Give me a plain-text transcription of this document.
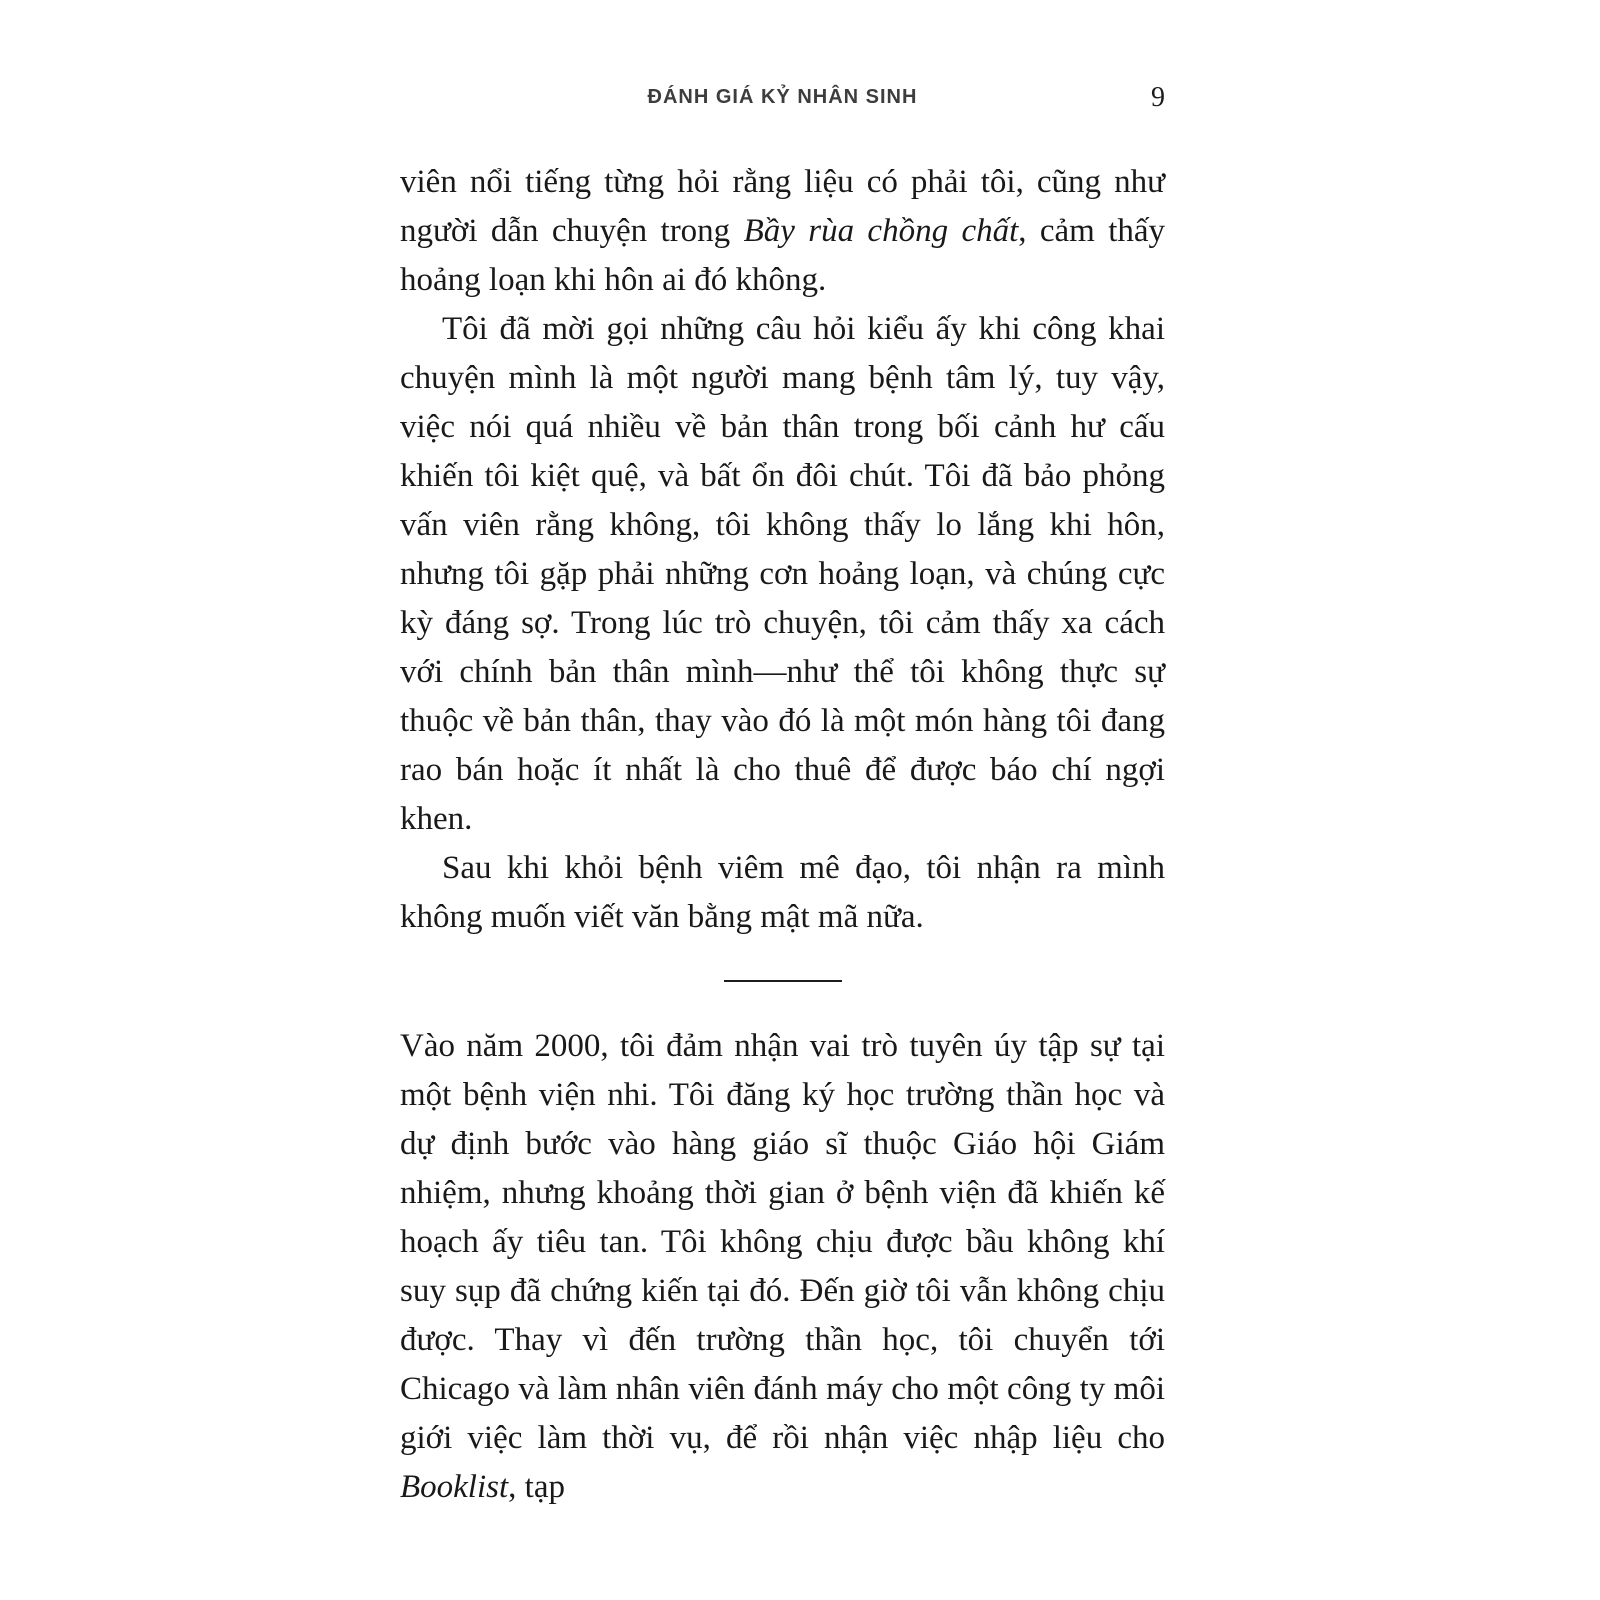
ĐÁNH GIÁ KỶ NHÂN SINH	9

viên nổi tiếng từng hỏi rằng liệu có phải tôi, cũng như người dẫn chuyện trong Bầy rùa chồng chất, cảm thấy hoảng loạn khi hôn ai đó không.

Tôi đã mời gọi những câu hỏi kiểu ấy khi công khai chuyện mình là một người mang bệnh tâm lý, tuy vậy, việc nói quá nhiều về bản thân trong bối cảnh hư cấu khiến tôi kiệt quệ, và bất ổn đôi chút. Tôi đã bảo phỏng vấn viên rằng không, tôi không thấy lo lắng khi hôn, nhưng tôi gặp phải những cơn hoảng loạn, và chúng cực kỳ đáng sợ. Trong lúc trò chuyện, tôi cảm thấy xa cách với chính bản thân mình—như thể tôi không thực sự thuộc về bản thân, thay vào đó là một món hàng tôi đang rao bán hoặc ít nhất là cho thuê để được báo chí ngợi khen.

Sau khi khỏi bệnh viêm mê đạo, tôi nhận ra mình không muốn viết văn bằng mật mã nữa.

Vào năm 2000, tôi đảm nhận vai trò tuyên úy tập sự tại một bệnh viện nhi. Tôi đăng ký học trường thần học và dự định bước vào hàng giáo sĩ thuộc Giáo hội Giám nhiệm, nhưng khoảng thời gian ở bệnh viện đã khiến kế hoạch ấy tiêu tan. Tôi không chịu được bầu không khí suy sụp đã chứng kiến tại đó. Đến giờ tôi vẫn không chịu được. Thay vì đến trường thần học, tôi chuyển tới Chicago và làm nhân viên đánh máy cho một công ty môi giới việc làm thời vụ, để rồi nhận việc nhập liệu cho Booklist, tạp
